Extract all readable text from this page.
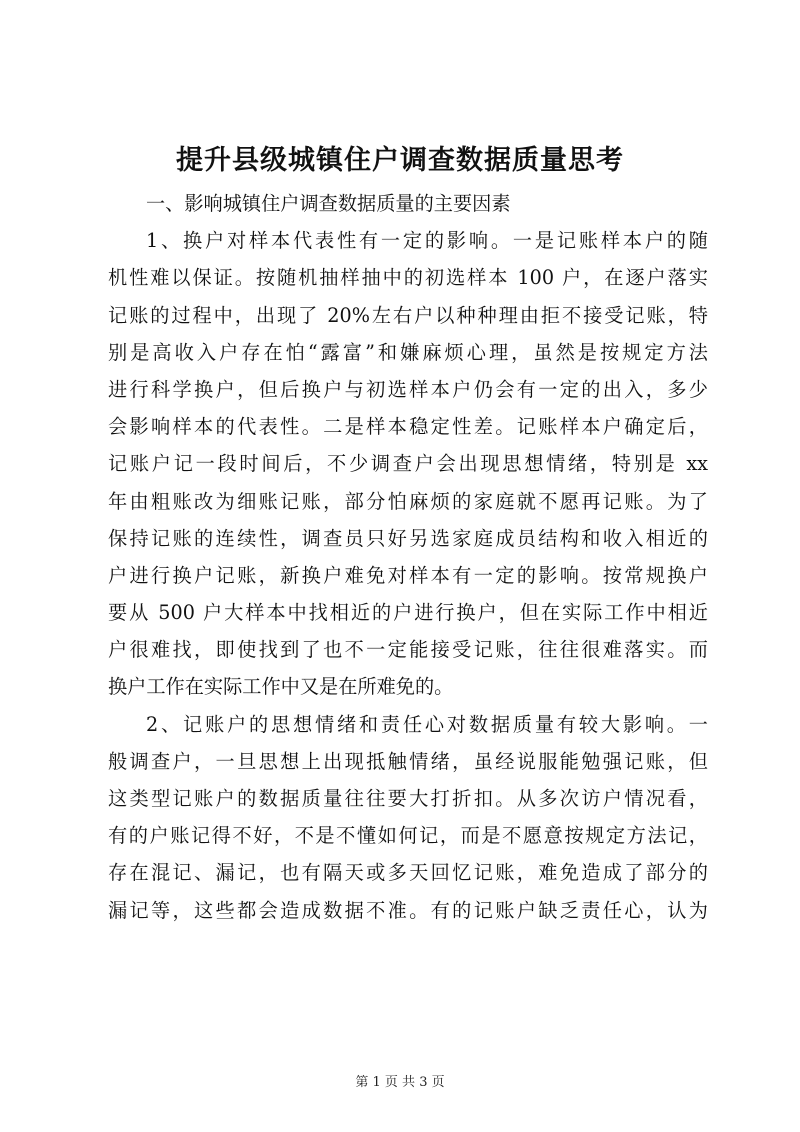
提升县级城镇住户调查数据质量思考
一、影响城镇住户调查数据质量的主要因素
1、换户对样本代表性有一定的影响。一是记账样本户的随
机性难以保证。按随机抽样抽中的初选样本 100 户，在逐户落实
记账的过程中，出现了 20%左右户以种种理由拒不接受记账，特
别是高收入户存在怕“露富”和嫌麻烦心理，虽然是按规定方法
进行科学换户，但后换户与初选样本户仍会有一定的出入，多少
会影响样本的代表性。二是样本稳定性差。记账样本户确定后，
记账户记一段时间后，不少调查户会出现思想情绪，特别是 xx
年由粗账改为细账记账，部分怕麻烦的家庭就不愿再记账。为了
保持记账的连续性，调查员只好另选家庭成员结构和收入相近的
户进行换户记账，新换户难免对样本有一定的影响。按常规换户
要从 500 户大样本中找相近的户进行换户，但在实际工作中相近
户很难找，即使找到了也不一定能接受记账，往往很难落实。而
换户工作在实际工作中又是在所难免的。
2、记账户的思想情绪和责任心对数据质量有较大影响。一
般调查户，一旦思想上出现抵触情绪，虽经说服能勉强记账，但
这类型记账户的数据质量往往要大打折扣。从多次访户情况看，
有的户账记得不好，不是不懂如何记，而是不愿意按规定方法记，
存在混记、漏记，也有隔天或多天回忆记账，难免造成了部分的
漏记等，这些都会造成数据不准。有的记账户缺乏责任心，认为
第 1 页 共 3 页
